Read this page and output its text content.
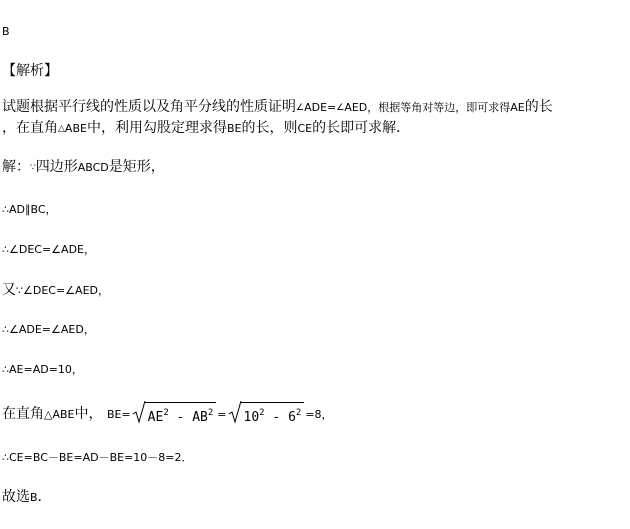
B
【解析】
试题根据平行线的性质以及角平分线的性质证明∠ADE=∠AED，根据等角对等边，即可求得AE的长
，在直角△ABE中，利用勾股定理求得BE的长，则CE的长即可求解．
解：∵四边形ABCD是矩形，
∴AD∥BC，
∴∠DEC=∠ADE，
又∵∠DEC=∠AED，
∴∠ADE=∠AED，
∴AE=AD=10，
在直角△ABE中， $BE= AE^2 - AB^2 = 10^2 - 6^2 =8$，
∴CE=BC－BE=AD－BE=10－8=2．
故选B．
